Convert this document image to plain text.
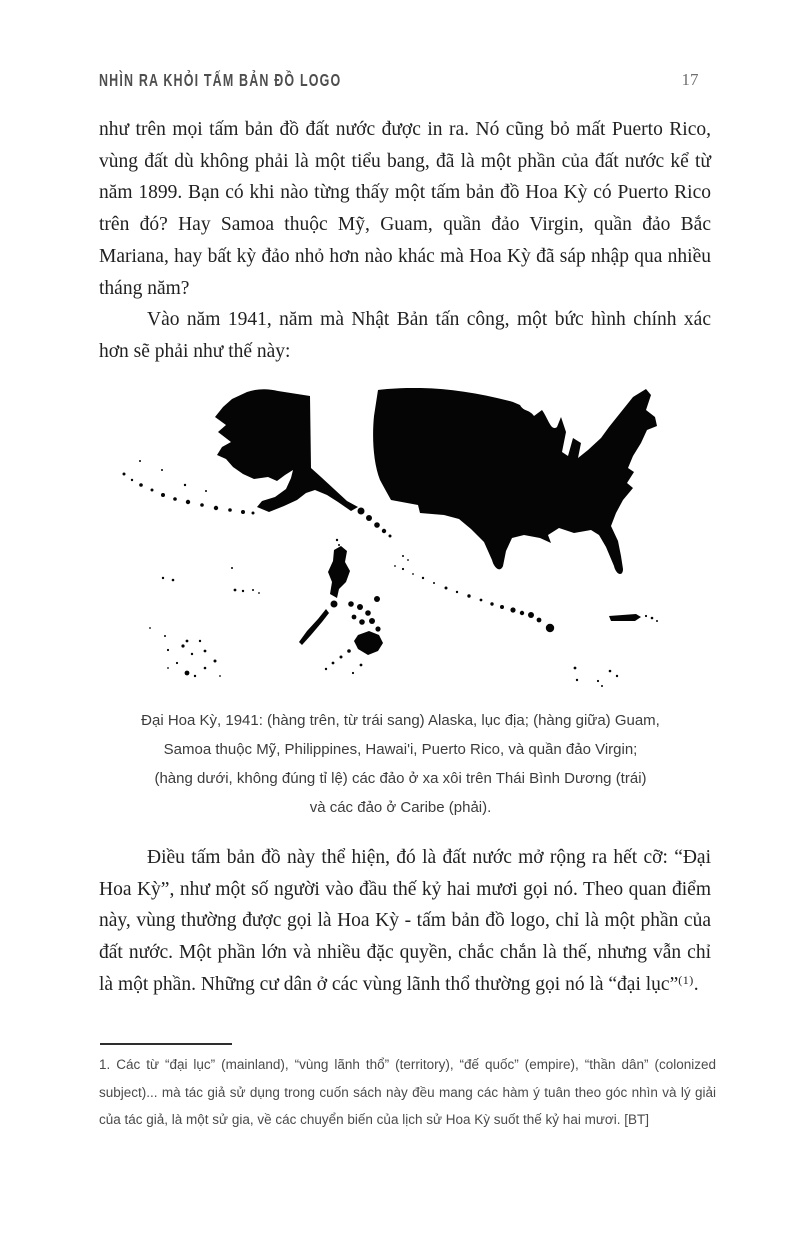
NHÌN RA KHỎI TẤM BẢN ĐỒ LOGO	17

như trên mọi tấm bản đồ đất nước được in ra. Nó cũng bỏ mất Puerto Rico, vùng đất dù không phải là một tiểu bang, đã là một phần của đất nước kể từ năm 1899. Bạn có khi nào từng thấy một tấm bản đồ Hoa Kỳ có Puerto Rico trên đó? Hay Samoa thuộc Mỹ, Guam, quần đảo Virgin, quần đảo Bắc Mariana, hay bất kỳ đảo nhỏ hơn nào khác mà Hoa Kỳ đã sáp nhập qua nhiều tháng năm?

Vào năm 1941, năm mà Nhật Bản tấn công, một bức hình chính xác hơn sẽ phải như thế này:

Đại Hoa Kỳ, 1941: (hàng trên, từ trái sang) Alaska, lục địa; (hàng giữa) Guam,
Samoa thuộc Mỹ, Philippines, Hawai'i, Puerto Rico, và quần đảo Virgin;
(hàng dưới, không đúng tỉ lệ) các đảo ở xa xôi trên Thái Bình Dương (trái)
và các đảo ở Caribe (phải).

Điều tấm bản đồ này thể hiện, đó là đất nước mở rộng ra hết cỡ: “Đại Hoa Kỳ”, như một số người vào đầu thế kỷ hai mươi gọi nó. Theo quan điểm này, vùng thường được gọi là Hoa Kỳ - tấm bản đồ logo, chỉ là một phần của đất nước. Một phần lớn và nhiều đặc quyền, chắc chắn là thế, nhưng vẫn chỉ là một phần. Những cư dân ở các vùng lãnh thổ thường gọi nó là “đại lục”$^{(1)}$.

1. Các từ “đại lục” (mainland), “vùng lãnh thổ” (territory), “đế quốc” (empire), “thần dân” (colonized subject)... mà tác giả sử dụng trong cuốn sách này đều mang các hàm ý tuân theo góc nhìn và lý giải của tác giả, là một sử gia, về các chuyển biến của lịch sử Hoa Kỳ suốt thế kỷ hai mươi. [BT]
